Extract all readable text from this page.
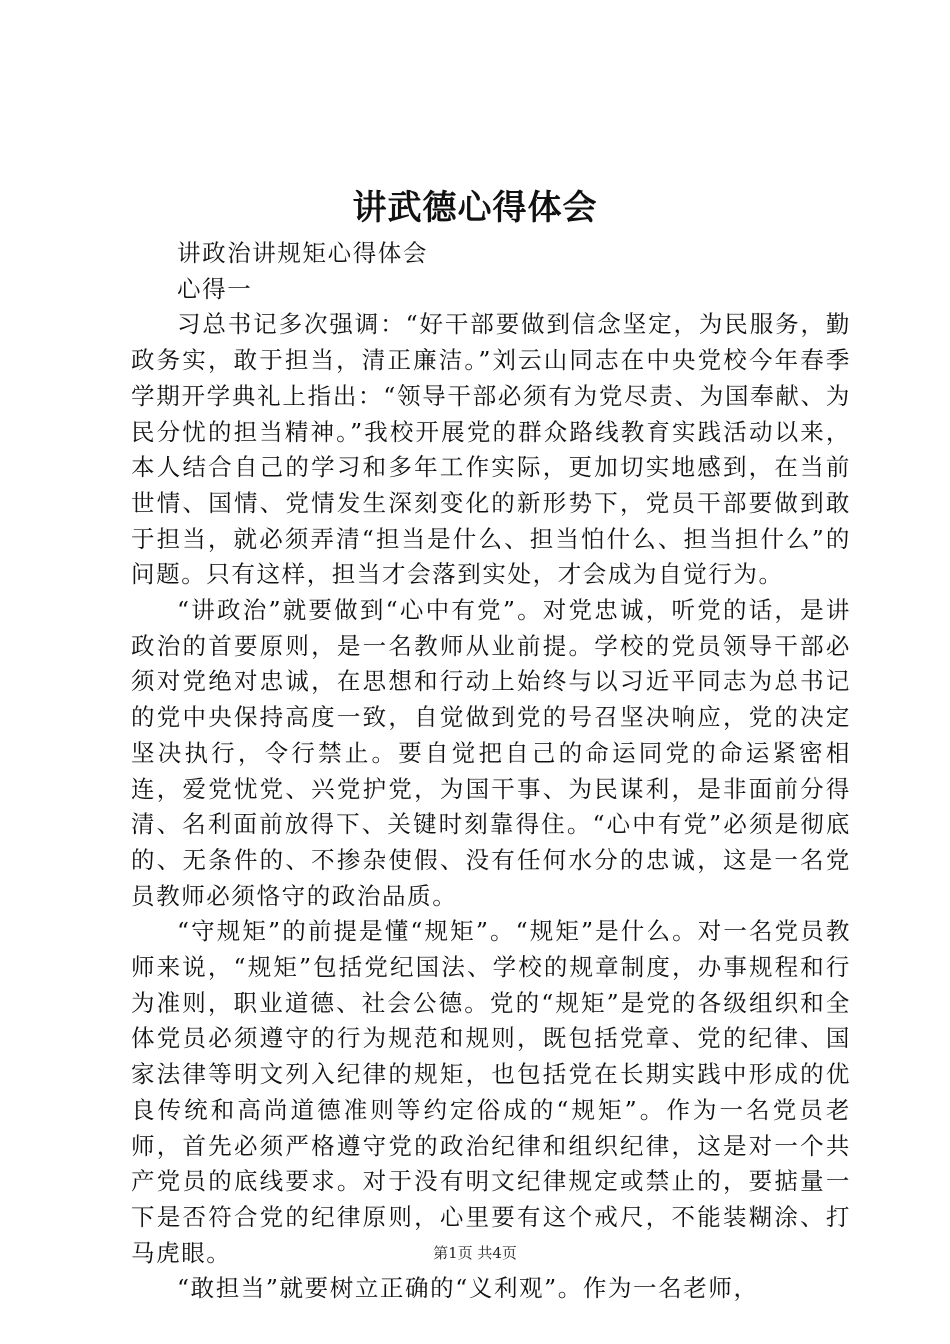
讲武德心得体会

讲政治讲规矩心得体会

心得一

习总书记多次强调：“好干部要做到信念坚定，为民服务，勤政务实，敢于担当，清正廉洁。”刘云山同志在中央党校今年春季学期开学典礼上指出：“领导干部必须有为党尽责、为国奉献、为民分忧的担当精神。”我校开展党的群众路线教育实践活动以来，本人结合自己的学习和多年工作实际，更加切实地感到，在当前世情、国情、党情发生深刻变化的新形势下，党员干部要做到敢于担当，就必须弄清“担当是什么、担当怕什么、担当担什么”的问题。只有这样，担当才会落到实处，才会成为自觉行为。

“讲政治”就要做到“心中有党”。对党忠诚，听党的话，是讲政治的首要原则，是一名教师从业前提。学校的党员领导干部必须对党绝对忠诚，在思想和行动上始终与以习近平同志为总书记的党中央保持高度一致，自觉做到党的号召坚决响应，党的决定坚决执行，令行禁止。要自觉把自己的命运同党的命运紧密相连，爱党忧党、兴党护党，为国干事、为民谋利，是非面前分得清、名利面前放得下、关键时刻靠得住。“心中有党”必须是彻底的、无条件的、不掺杂使假、没有任何水分的忠诚，这是一名党员教师必须恪守的政治品质。

“守规矩”的前提是懂“规矩”。“规矩”是什么。对一名党员教师来说，“规矩”包括党纪国法、学校的规章制度，办事规程和行为准则，职业道德、社会公德。党的“规矩”是党的各级组织和全体党员必须遵守的行为规范和规则，既包括党章、党的纪律、国家法律等明文列入纪律的规矩，也包括党在长期实践中形成的优良传统和高尚道德准则等约定俗成的“规矩”。作为一名党员老师，首先必须严格遵守党的政治纪律和组织纪律，这是对一个共产党员的底线要求。对于没有明文纪律规定或禁止的，要掂量一下是否符合党的纪律原则，心里要有这个戒尺，不能装糊涂、打马虎眼。

“敢担当”就要树立正确的“义利观”。作为一名老师，

第1页 共4页
